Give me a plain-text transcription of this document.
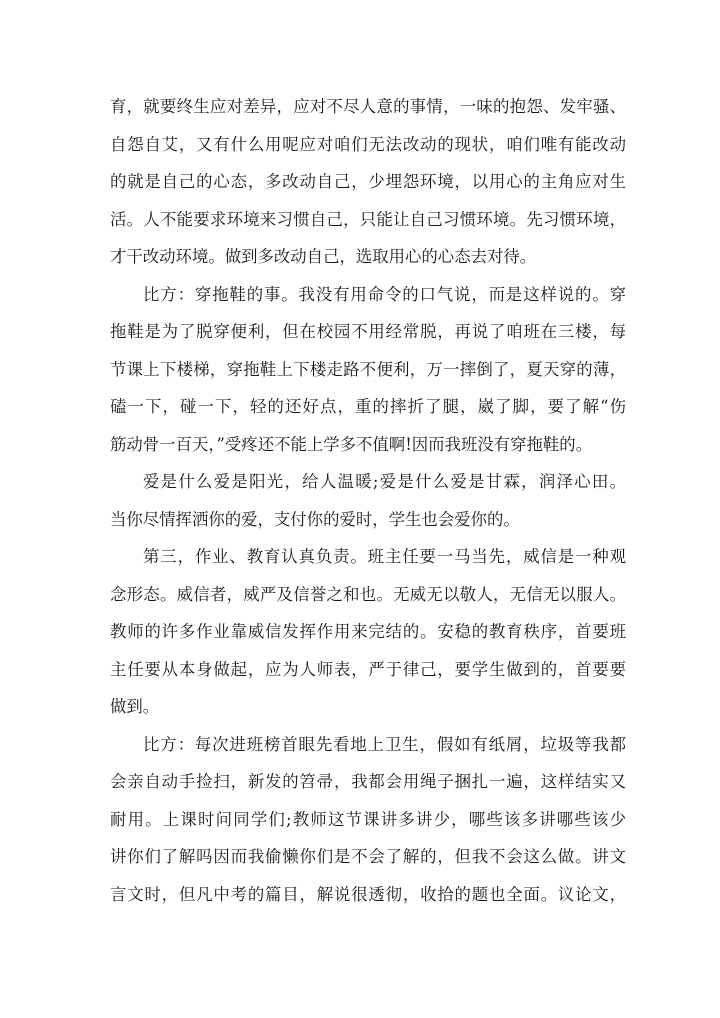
育，就要终生应对差异，应对不尽人意的事情，一味的抱怨、发牢骚、
自怨自艾，又有什么用呢应对咱们无法改动的现状，咱们唯有能改动
的就是自己的心态，多改动自己，少埋怨环境，以用心的主角应对生
活。人不能要求环境来习惯自己，只能让自己习惯环境。先习惯环境，
才干改动环境。做到多改动自己，选取用心的心态去对待。
比方：穿拖鞋的事。我没有用命令的口气说，而是这样说的。穿
拖鞋是为了脱穿便利，但在校园不用经常脱，再说了咱班在三楼，每
节课上下楼梯，穿拖鞋上下楼走路不便利，万一摔倒了，夏天穿的薄，
磕一下，碰一下，轻的还好点，重的摔折了腿，崴了脚，要了解“伤
筋动骨一百天，”受疼还不能上学多不值啊!因而我班没有穿拖鞋的。
爱是什么爱是阳光，给人温暖;爱是什么爱是甘霖，润泽心田。
当你尽情挥洒你的爱，支付你的爱时，学生也会爱你的。
第三，作业、教育认真负责。班主任要一马当先，威信是一种观
念形态。威信者，威严及信誉之和也。无威无以敬人，无信无以服人。
教师的许多作业靠威信发挥作用来完结的。安稳的教育秩序，首要班
主任要从本身做起，应为人师表，严于律己，要学生做到的，首要要
做到。
比方：每次进班榜首眼先看地上卫生，假如有纸屑，垃圾等我都
会亲自动手捡扫，新发的笤帚，我都会用绳子捆扎一遍，这样结实又
耐用。上课时问同学们;教师这节课讲多讲少，哪些该多讲哪些该少
讲你们了解吗因而我偷懒你们是不会了解的，但我不会这么做。讲文
言文时，但凡中考的篇目，解说很透彻，收拾的题也全面。议论文，
